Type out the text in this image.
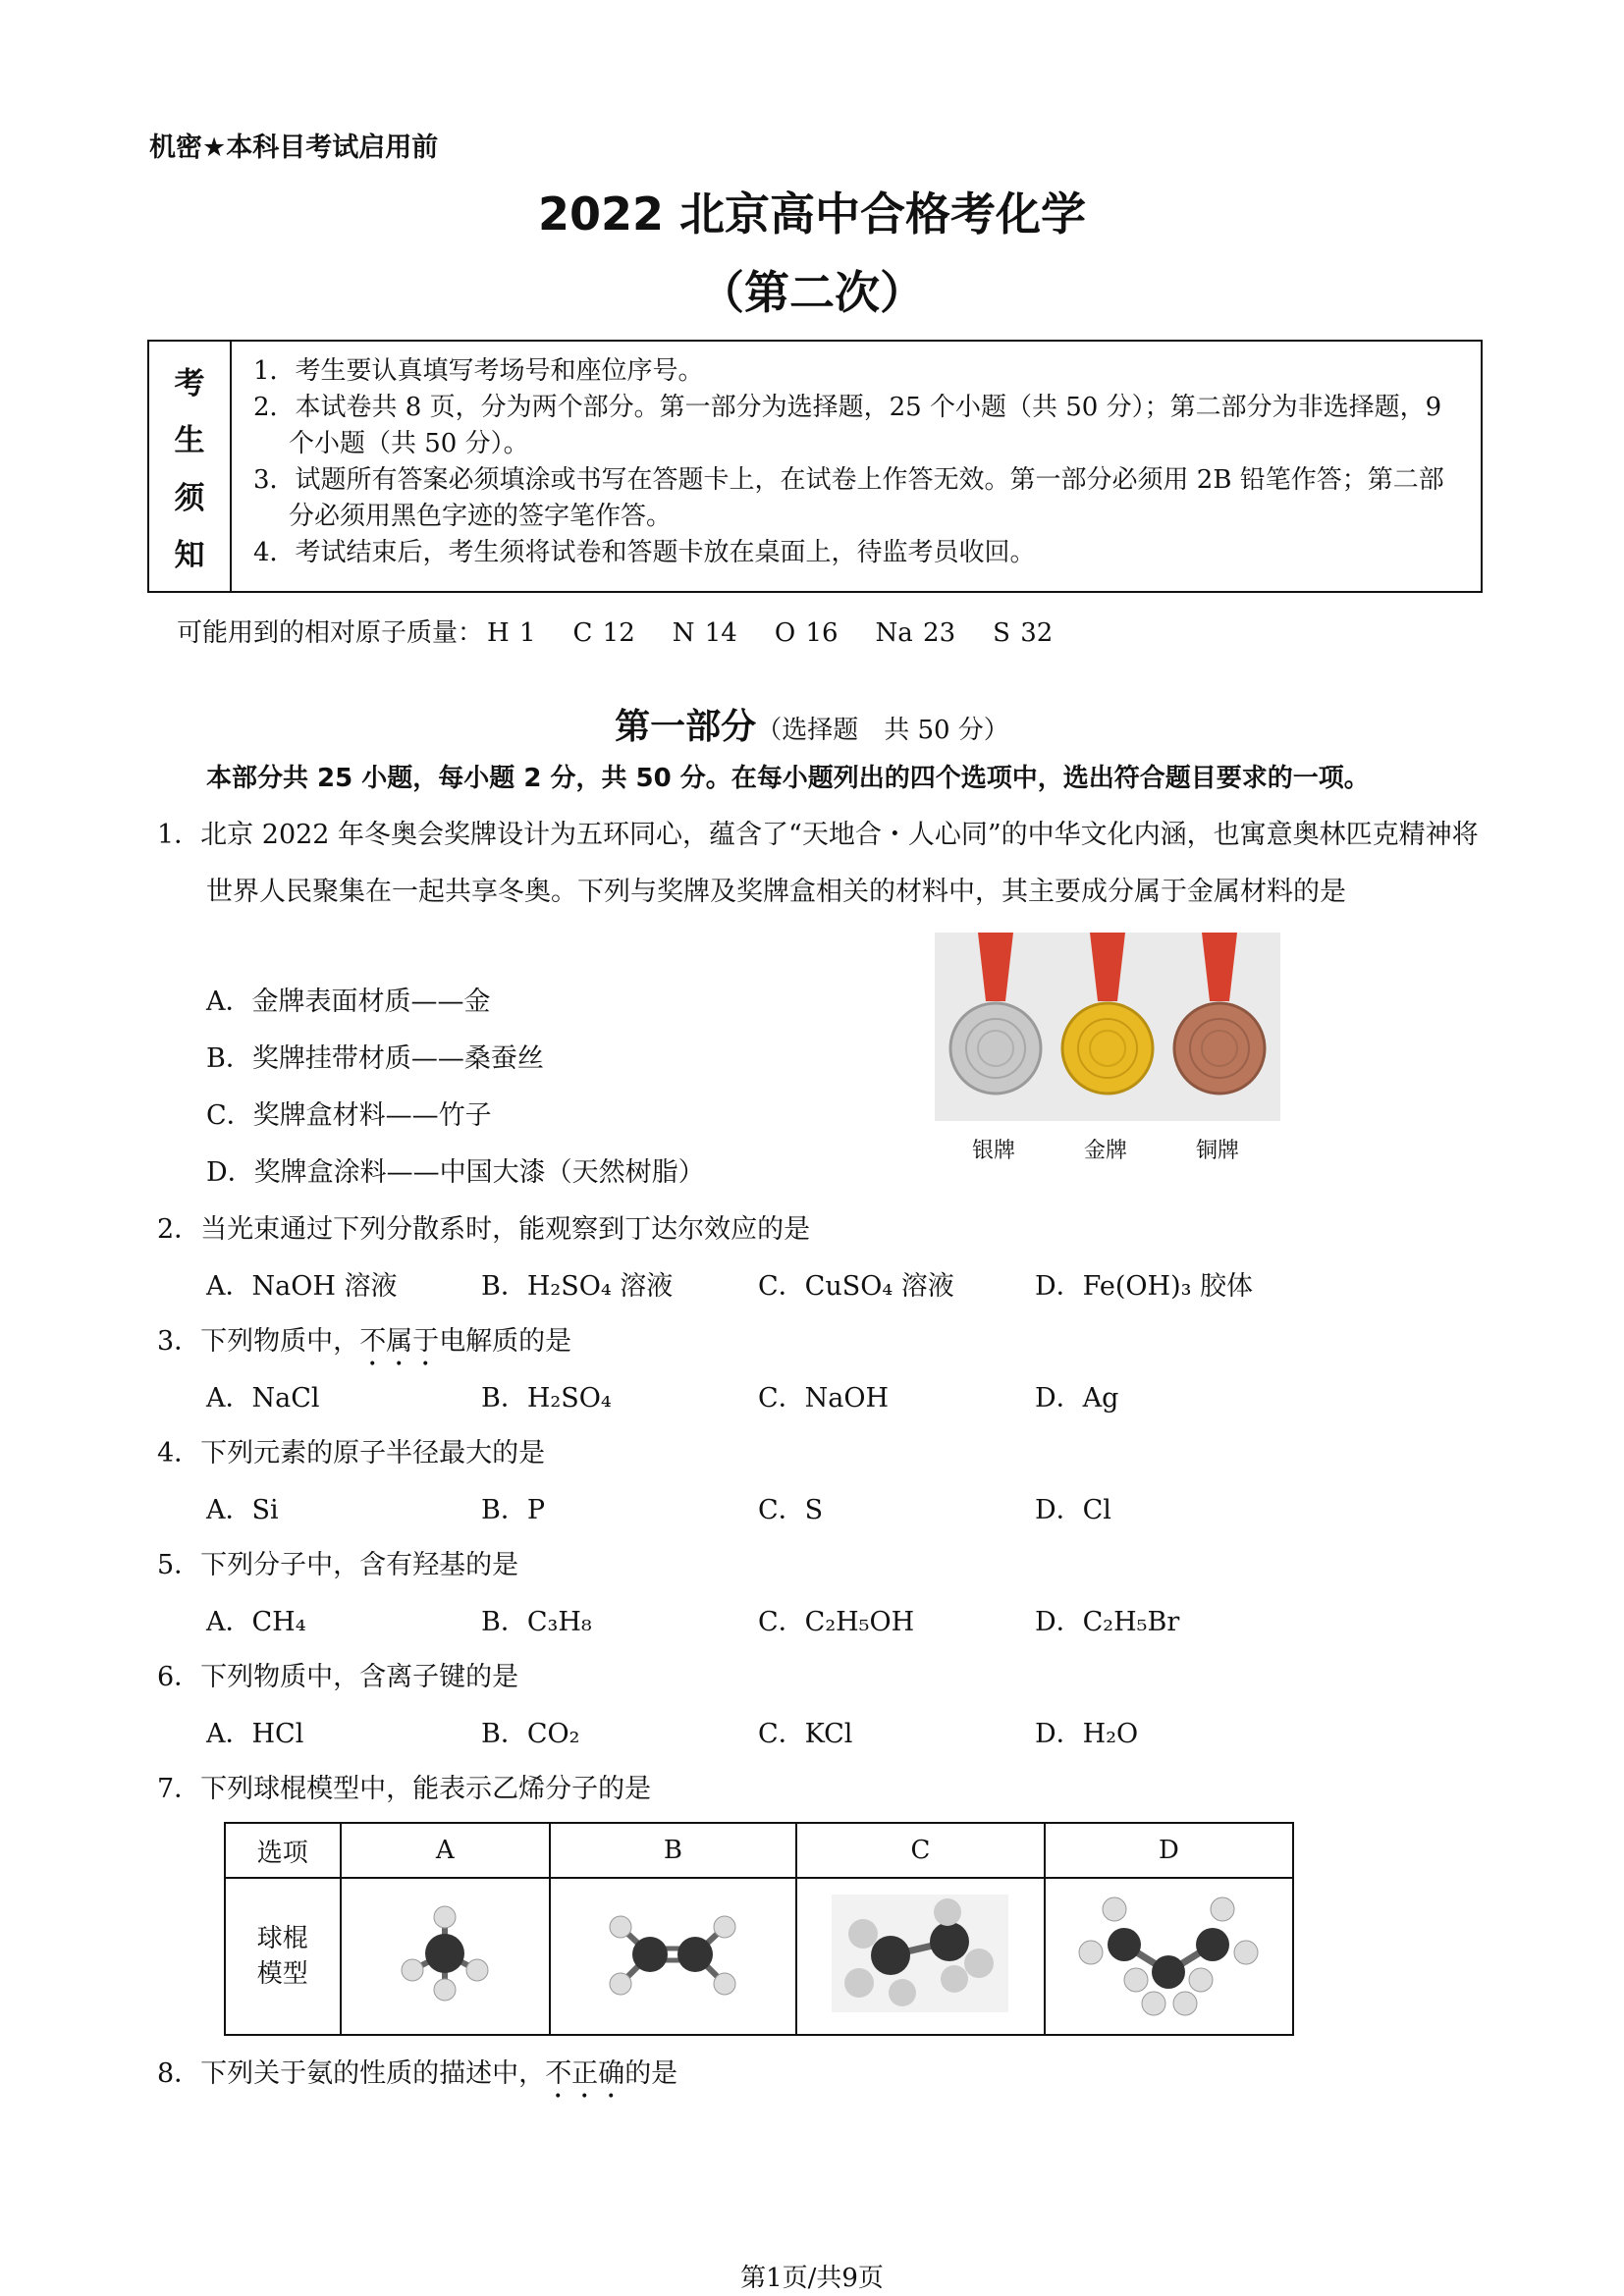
机密★本科目考试启用前
2022 北京高中合格考化学
（第二次）
考
生
须
知
1．考生要认真填写考场号和座位序号。
2．本试卷共 8 页，分为两个部分。第一部分为选择题，25 个小题（共 50 分）；第二部分为非选择题，9 个小题（共 50 分）。
3．试题所有答案必须填涂或书写在答题卡上，在试卷上作答无效。第一部分必须用 2B 铅笔作答；第二部分必须用黑色字迹的签字笔作答。
4．考试结束后，考生须将试卷和答题卡放在桌面上，待监考员收回。
可能用到的相对原子质量： H 1 C 12 N 14 O 16 Na 23 S 32
第一部分（选择题　共 50 分）
本部分共 25 小题，每小题 2 分，共 50 分。在每小题列出的四个选项中，选出符合题目要求的一项。
1．北京 2022 年冬奥会奖牌设计为五环同心，蕴含了“天地合・人心同”的中华文化内涵，也寓意奥林匹克精神将世界人民聚集在一起共享冬奥。下列与奖牌及奖牌盒相关的材料中，其主要成分属于金属材料的是
A．金牌表面材质——金
B．奖牌挂带材质——桑蚕丝
C．奖牌盒材料——竹子
D．奖牌盒涂料——中国大漆（天然树脂）
银牌	金牌	铜牌
2．当光束通过下列分散系时，能观察到丁达尔效应的是
A．NaOH 溶液	B．H₂SO₄ 溶液	C．CuSO₄ 溶液	D．Fe(OH)₃ 胶体
3．下列物质中，不属于电解质的是
A．NaCl	B．H₂SO₄	C．NaOH	D．Ag
4．下列元素的原子半径最大的是
A．Si	B．P	C．S	D．Cl
5．下列分子中，含有羟基的是
A．CH₄	B．C₃H₈	C．C₂H₅OH	D．C₂H₅Br
6．下列物质中，含离子键的是
A．HCl	B．CO₂	C．KCl	D．H₂O
7．下列球棍模型中，能表示乙烯分子的是
选项	A	B	C	D

球棍模型

8．下列关于氨的性质的描述中，不正确的是
第1页/共9页
